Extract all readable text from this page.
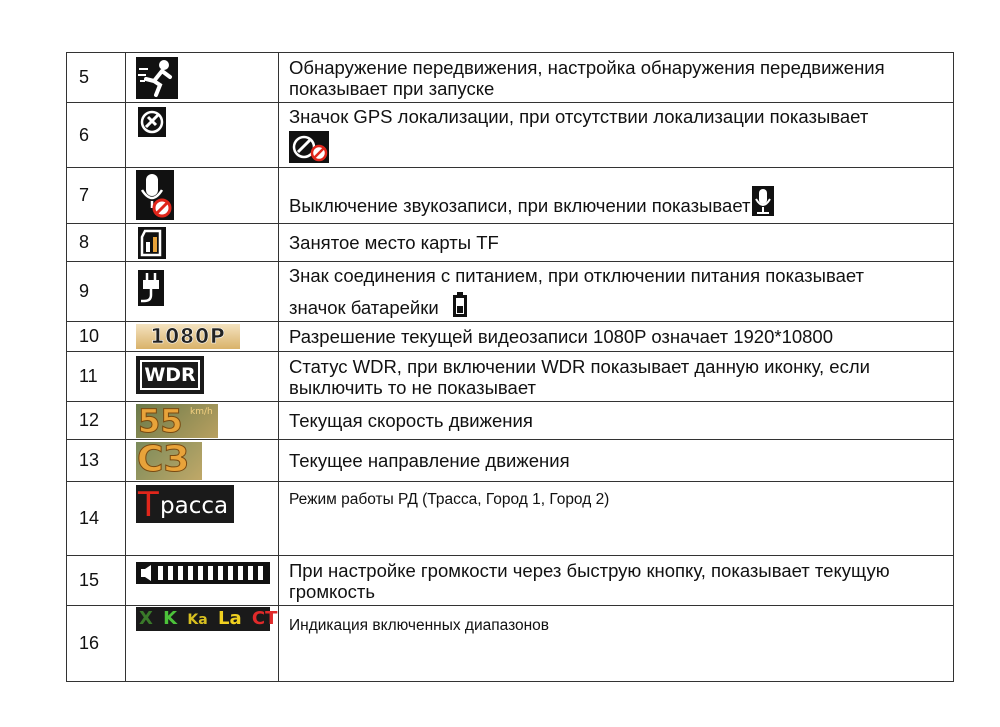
5		Обнаружение передвижения, настройка обнаружения передвижения показывает при запуске
6		Значок GPS локализации, при отсутствии локализации показывает

7		Выключение звукозаписи, при включении показывает
8		Занятое место карты TF
9		Знак соединения с питанием, при отключении питания показывает
значок батарейки

10	1080P	Разрешение текущей видеозаписи 1080P означает 1920*10800
11	WDR	Статус WDR, при включении WDR показывает данную иконку, если выключить то не показывает
12	55 km/h	Текущая скорость движения
13	СЗ	Текущее направление движения
14	Т расса	Режим работы РД (Трасса, Город 1, Город 2)
15		При настройке громкости через быструю кнопку, показывает текущую громкость
16	X K Ka La CT	Индикация включенных диапазонов
